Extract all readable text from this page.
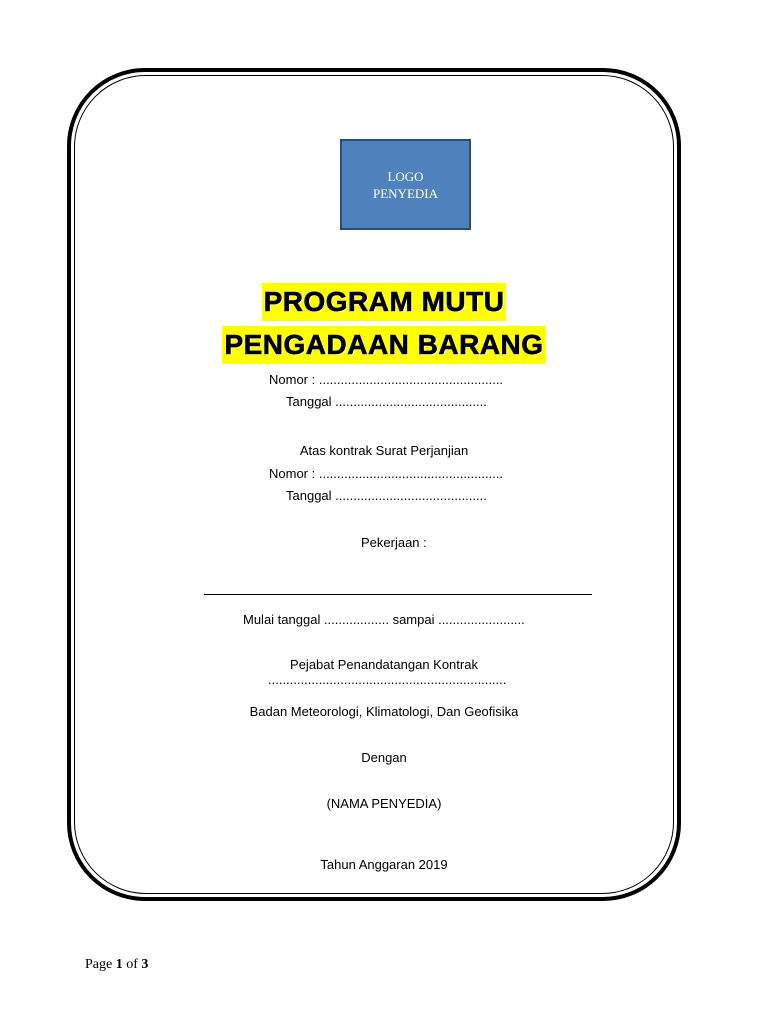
LOGO
PENYEDIA
PROGRAM MUTU
PENGADAAN BARANG
Nomor : ...................................................
Tanggal ..........................................
Atas kontrak Surat Perjanjian
Nomor : ...................................................
Tanggal ..........................................
Pekerjaan :
Mulai tanggal .................. sampai ........................
Pejabat Penandatangan Kontrak
..................................................................
Badan Meteorologi, Klimatologi, Dan Geofisika
Dengan
(NAMA PENYEDIA)
Tahun Anggaran 2019
Page 1 of 3
